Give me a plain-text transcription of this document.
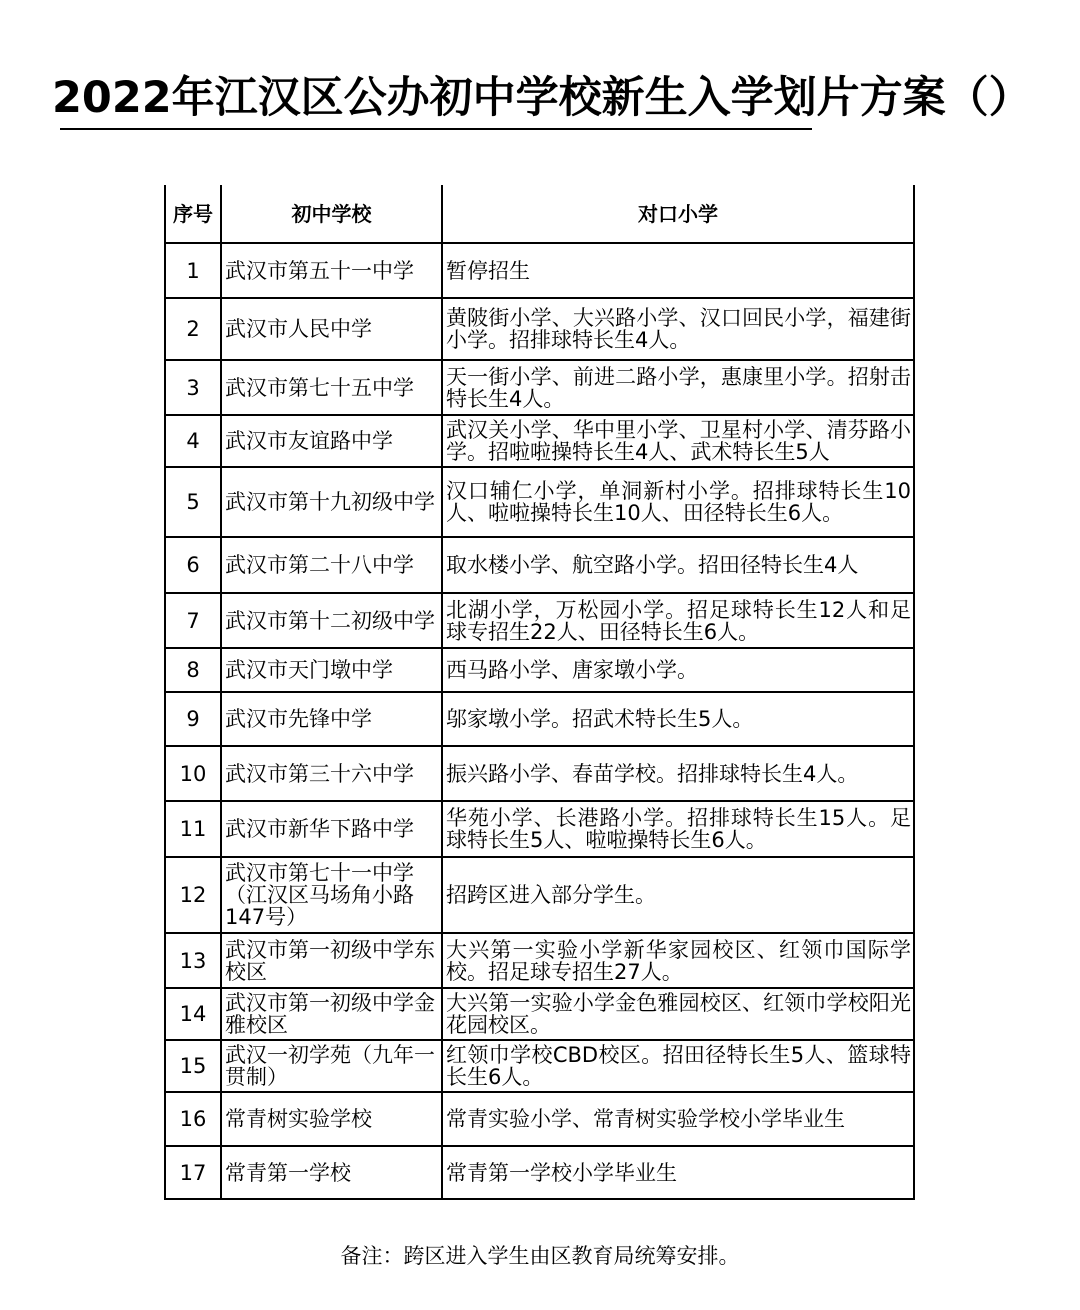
2022年江汉区公办初中学校新生入学划片方案（）
序号	初中学校	对口小学
1	武汉市第五十一中学	暂停招生
2	武汉市人民中学	黄陂街小学、大兴路小学、汉口回民小学，福建街小学。招排球特长生4人。
3	武汉市第七十五中学	天一街小学、前进二路小学，惠康里小学。招射击特长生4人。
4	武汉市友谊路中学	武汉关小学、华中里小学、卫星村小学、清芬路小学。招啦啦操特长生4人、武术特长生5人
5	武汉市第十九初级中学	汉口辅仁小学，单洞新村小学。招排球特长生10人、啦啦操特长生10人、田径特长生6人。
6	武汉市第二十八中学	取水楼小学、航空路小学。招田径特长生4人
7	武汉市第十二初级中学	北湖小学，万松园小学。招足球特长生12人和足球专招生22人、田径特长生6人。
8	武汉市天门墩中学	西马路小学、唐家墩小学。
9	武汉市先锋中学	邬家墩小学。招武术特长生5人。
10	武汉市第三十六中学	振兴路小学、春苗学校。招排球特长生4人。
11	武汉市新华下路中学	华苑小学、长港路小学。招排球特长生15人。足球特长生5人、啦啦操特长生6人。
12	武汉市第七十一中学（江汉区马场角小路147号）	招跨区进入部分学生。
13	武汉市第一初级中学东校区	大兴第一实验小学新华家园校区、红领巾国际学校。招足球专招生27人。
14	武汉市第一初级中学金雅校区	大兴第一实验小学金色雅园校区、红领巾学校阳光花园校区。
15	武汉一初学苑（九年一贯制）	红领巾学校CBD校区。招田径特长生5人、篮球特长生6人。
16	常青树实验学校	常青实验小学、常青树实验学校小学毕业生
17	常青第一学校	常青第一学校小学毕业生
备注：跨区进入学生由区教育局统筹安排。
